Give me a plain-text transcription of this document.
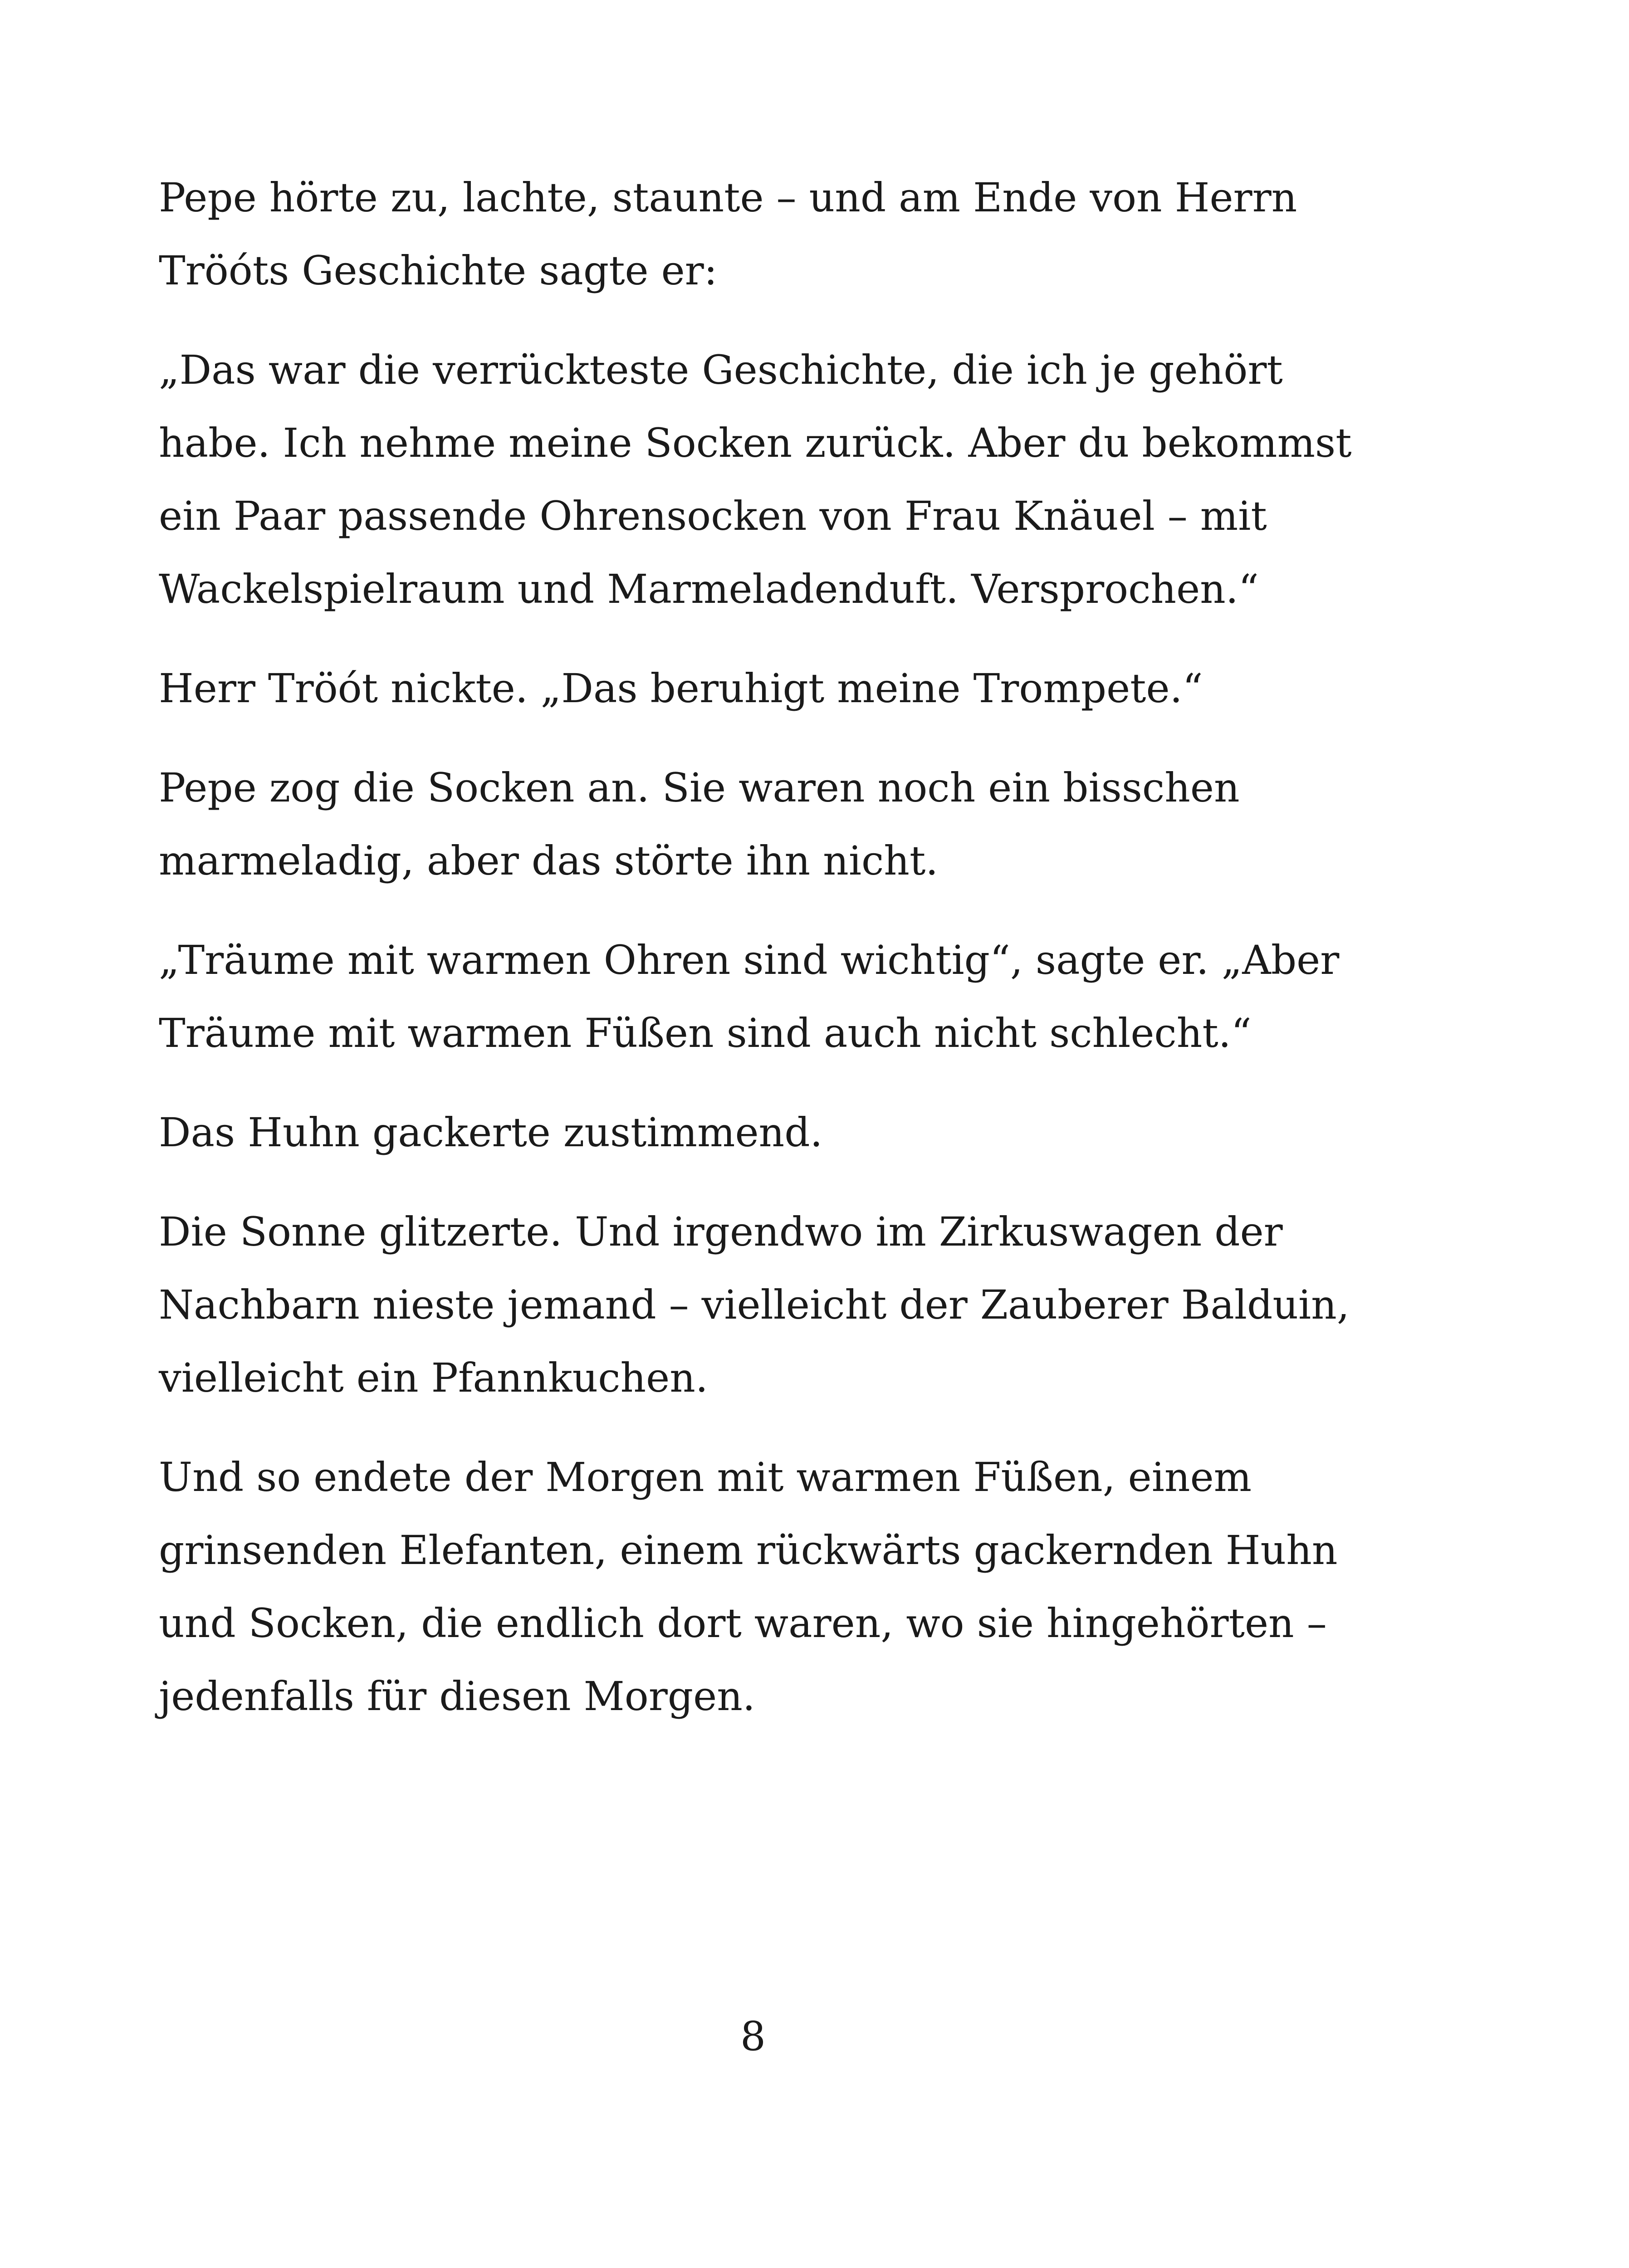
Pepe hörte zu, lachte, staunte – und am Ende von Herrn Tröóts Geschichte sagte er:

„Das war die verrückteste Geschichte, die ich je gehört habe. Ich nehme meine Socken zurück. Aber du bekommst ein Paar passende Ohrensocken von Frau Knäuel – mit Wackelspielraum und Marmeladenduft. Versprochen.“

Herr Tröót nickte. „Das beruhigt meine Trompete.“

Pepe zog die Socken an. Sie waren noch ein bisschen marmeladig, aber das störte ihn nicht.

„Träume mit warmen Ohren sind wichtig“, sagte er. „Aber Träume mit warmen Füßen sind auch nicht schlecht.“

Das Huhn gackerte zustimmend.

Die Sonne glitzerte. Und irgendwo im Zirkuswagen der Nachbarn nieste jemand – vielleicht der Zauberer Balduin, vielleicht ein Pfannkuchen.

Und so endete der Morgen mit warmen Füßen, einem grinsenden Elefanten, einem rückwärts gackernden Huhn und Socken, die endlich dort waren, wo sie hingehörten – jedenfalls für diesen Morgen.

8
